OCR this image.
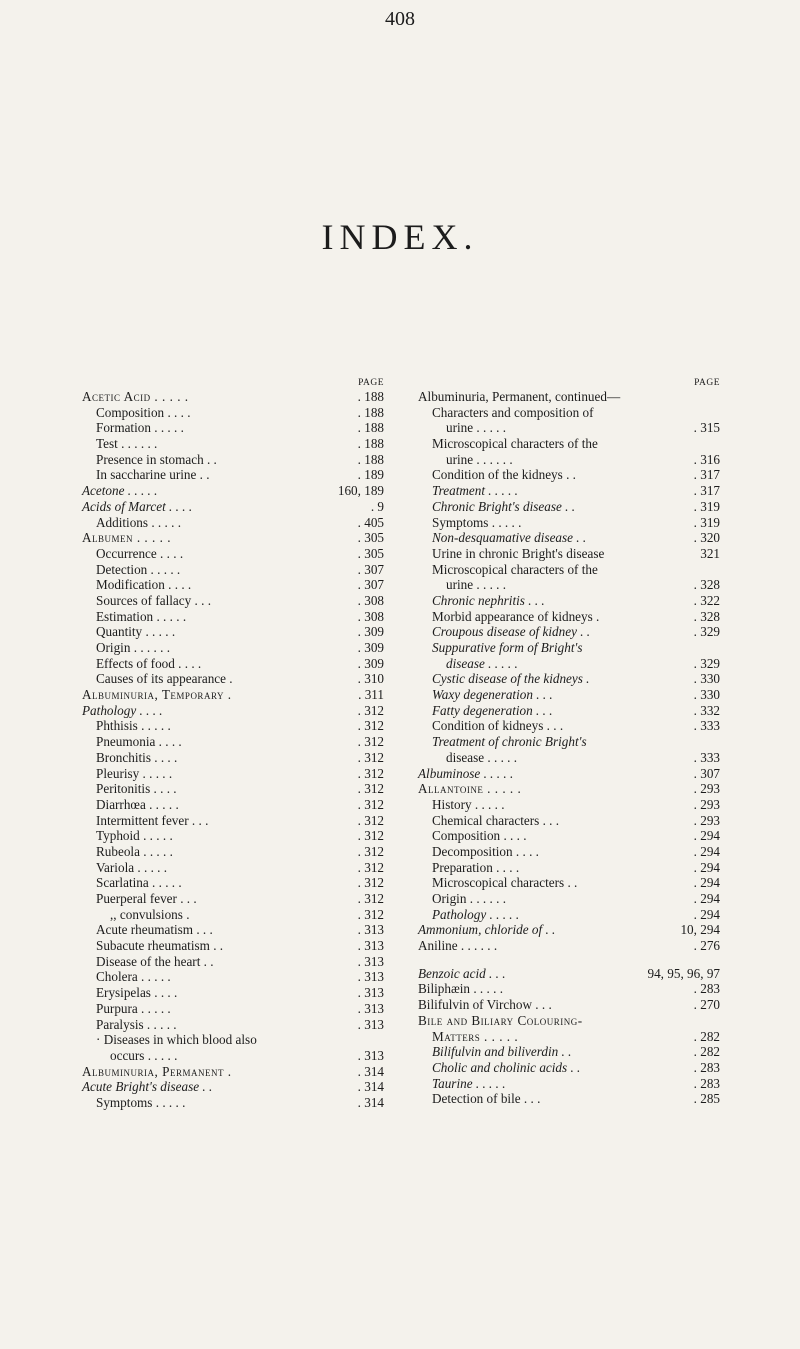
408
INDEX.
PAGE
Acetic Acid . . . . .	. 188
Composition . . . .	. 188
Formation . . . . .	. 188
Test . . . . . .	. 188
Presence in stomach . .	. 188
In saccharine urine . .	. 189
Acetone . . . . .	160, 189
Acids of Marcet . . . .	. 9
Additions . . . . .	. 405
Albumen . . . . .	. 305
Occurrence . . . .	. 305
Detection . . . . .	. 307
Modification . . . .	. 307
Sources of fallacy . . .	. 308
Estimation . . . . .	. 308
Quantity . . . . .	. 309
Origin . . . . . .	. 309
Effects of food . . . .	. 309
Causes of its appearance .	. 310
Albuminuria, Temporary .	. 311
Pathology . . . .	. 312
Phthisis . . . . .	. 312
Pneumonia . . . .	. 312
Bronchitis . . . .	. 312
Pleurisy . . . . .	. 312
Peritonitis . . . .	. 312
Diarrhœa . . . . .	. 312
Intermittent fever . . .	. 312
Typhoid . . . . .	. 312
Rubeola . . . . .	. 312
Variola . . . . .	. 312
Scarlatina . . . . .	. 312
Puerperal fever . . .	. 312
,, convulsions .	. 312
Acute rheumatism . . .	. 313
Subacute rheumatism . .	. 313
Disease of the heart . .	. 313
Cholera . . . . .	. 313
Erysipelas . . . .	. 313
Purpura . . . . .	. 313
Paralysis . . . . .	. 313
· Diseases in which blood also
occurs . . . . .	. 313
Albuminuria, Permanent .	. 314
Acute Bright's disease . .	. 314
Symptoms . . . . .	. 314
PAGE
Albuminuria, Permanent, continued—
Characters and composition of
urine . . . . .	. 315
Microscopical characters of the
urine . . . . . .	. 316
Condition of the kidneys . .	. 317
Treatment . . . . .	. 317
Chronic Bright's disease . .	. 319
Symptoms . . . . .	. 319
Non-desquamative disease . .	. 320
Urine in chronic Bright's disease	321
Microscopical characters of the
urine . . . . .	. 328
Chronic nephritis . . .	. 322
Morbid appearance of kidneys .	. 328
Croupous disease of kidney . .	. 329
Suppurative form of Bright's
disease . . . . .	. 329
Cystic disease of the kidneys .	. 330
Waxy degeneration . . .	. 330
Fatty degeneration . . .	. 332
Condition of kidneys . . .	. 333
Treatment of chronic Bright's
disease . . . . .	. 333
Albuminose . . . . .	. 307
Allantoine . . . . .	. 293
History . . . . .	. 293
Chemical characters . . .	. 293
Composition . . . .	. 294
Decomposition . . . .	. 294
Preparation . . . .	. 294
Microscopical characters . .	. 294
Origin . . . . . .	. 294
Pathology . . . . .	. 294
Ammonium, chloride of . .	10, 294
Aniline . . . . . .	. 276
Benzoic acid . . .	94, 95, 96, 97
Biliphæin . . . . .	. 283
Bilifulvin of Virchow . . .	. 270
Bile and Biliary Colouring-
Matters . . . . .	. 282
Bilifulvin and biliverdin . .	. 282
Cholic and cholinic acids . .	. 283
Taurine . . . . .	. 283
Detection of bile . . .	. 285
